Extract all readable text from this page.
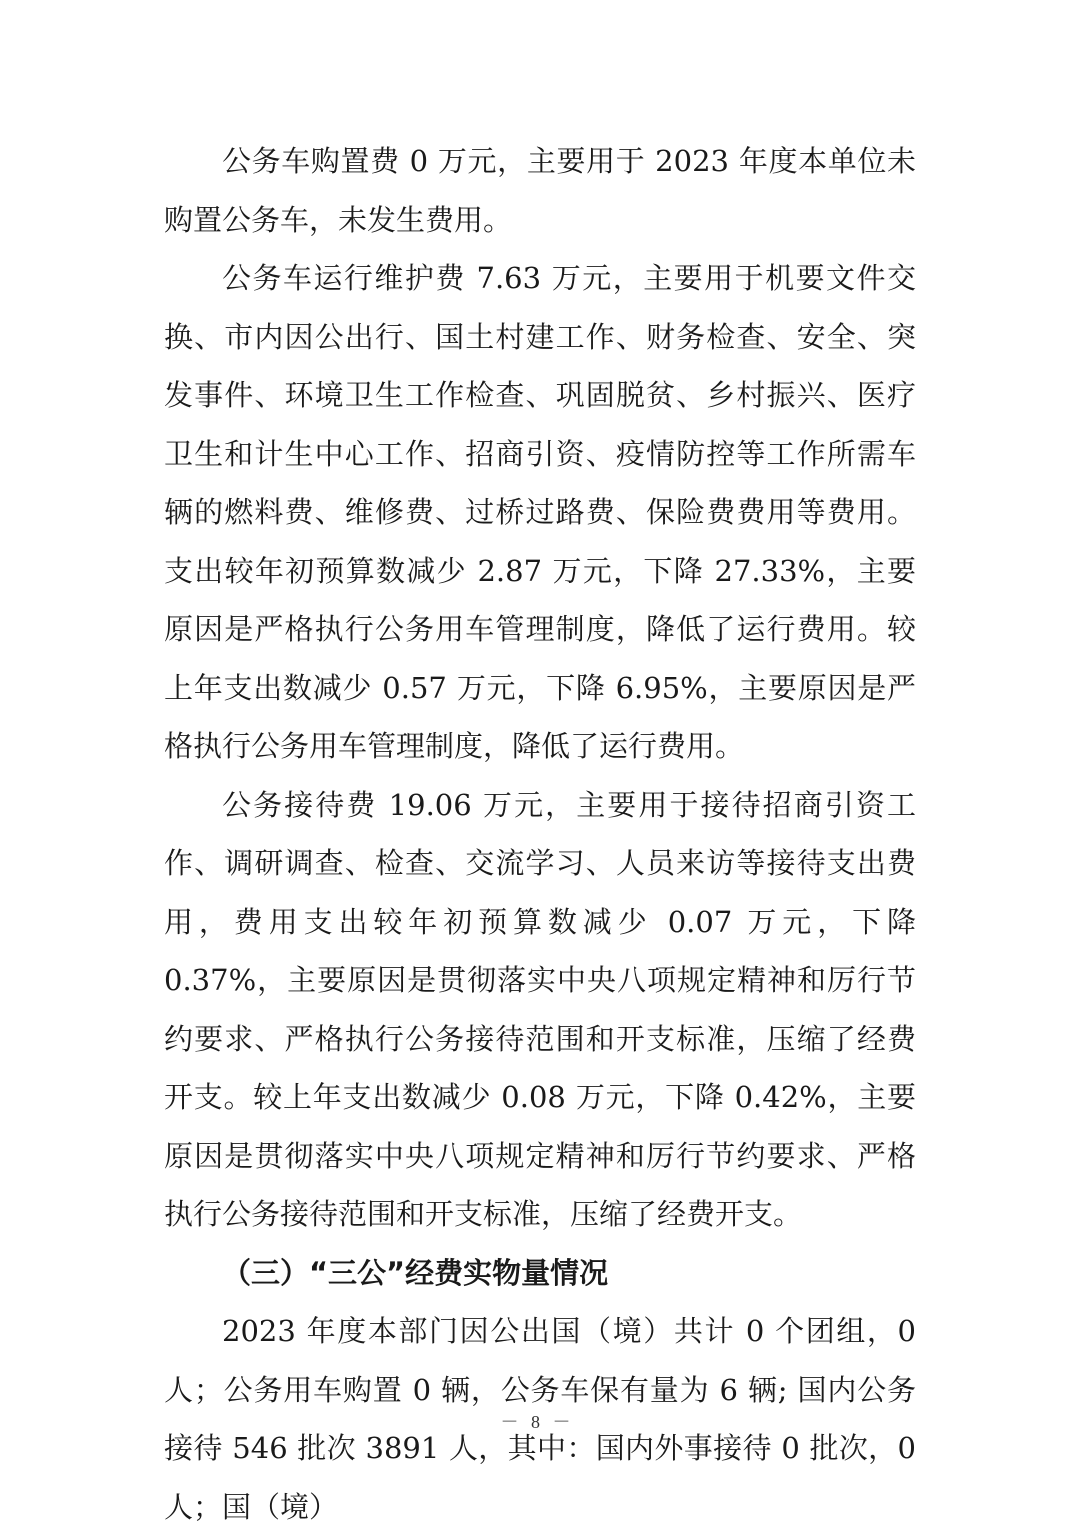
公务车购置费 0 万元，主要用于 2023 年度本单位未购置公务车，未发生费用。

公务车运行维护费 7.63 万元，主要用于机要文件交换、市内因公出行、国土村建工作、财务检查、安全、突发事件、环境卫生工作检查、巩固脱贫、乡村振兴、医疗卫生和计生中心工作、招商引资、疫情防控等工作所需车辆的燃料费、维修费、过桥过路费、保险费费用等费用。支出较年初预算数减少 2.87 万元，下降 27.33%，主要原因是严格执行公务用车管理制度，降低了运行费用。较上年支出数减少 0.57 万元，下降 6.95%，主要原因是严格执行公务用车管理制度，降低了运行费用。

公务接待费 19.06 万元，主要用于接待招商引资工作、调研调查、检查、交流学习、人员来访等接待支出费用，费用支出较年初预算数减少 0.07 万元，下降 0.37%，主要原因是贯彻落实中央八项规定精神和厉行节约要求、严格执行公务接待范围和开支标准，压缩了经费开支。较上年支出数减少 0.08 万元，下降 0.42%，主要原因是贯彻落实中央八项规定精神和厉行节约要求、严格执行公务接待范围和开支标准，压缩了经费开支。

（三）“三公”经费实物量情况

2023 年度本部门因公出国（境）共计 0 个团组，0 人；公务用车购置 0 辆，公务车保有量为 6 辆; 国内公务接待 546 批次 3891 人，其中：国内外事接待 0 批次，0 人；国（境）

－ 8 －
